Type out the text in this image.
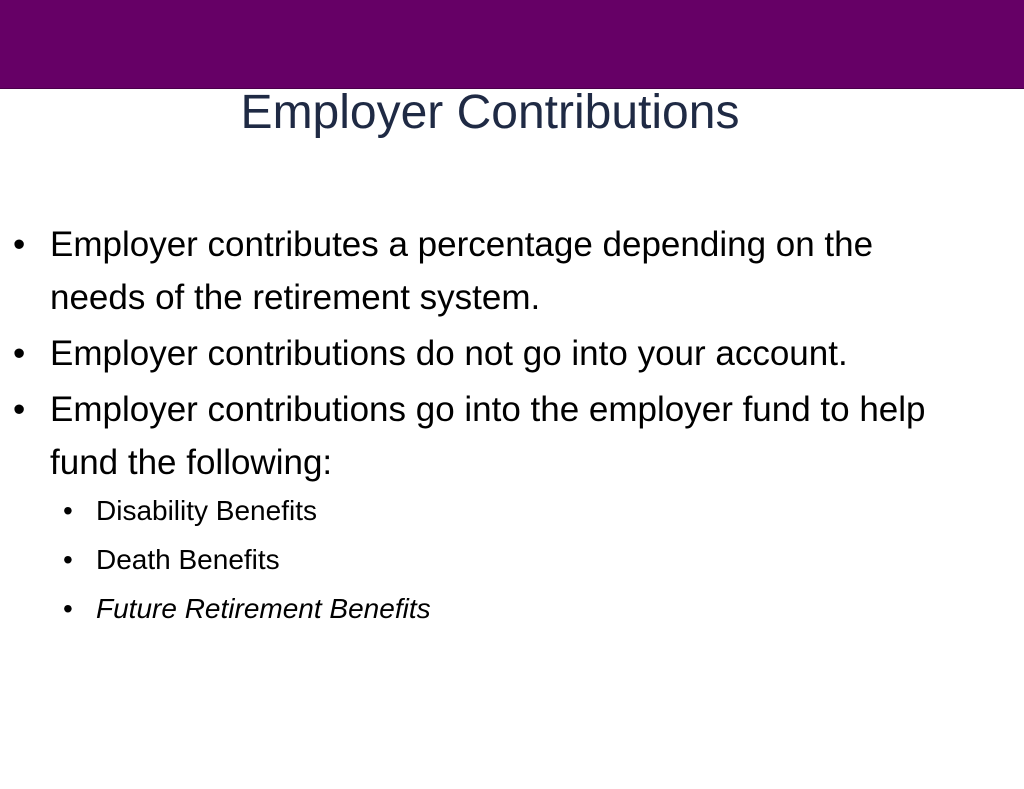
Employer Contributions
• Employer contributes a percentage depending on the needs of the retirement system.
• Employer contributions do not go into your account.
• Employer contributions go into the employer fund to help fund the following:
• Disability Benefits
• Death Benefits
• Future Retirement Benefits
